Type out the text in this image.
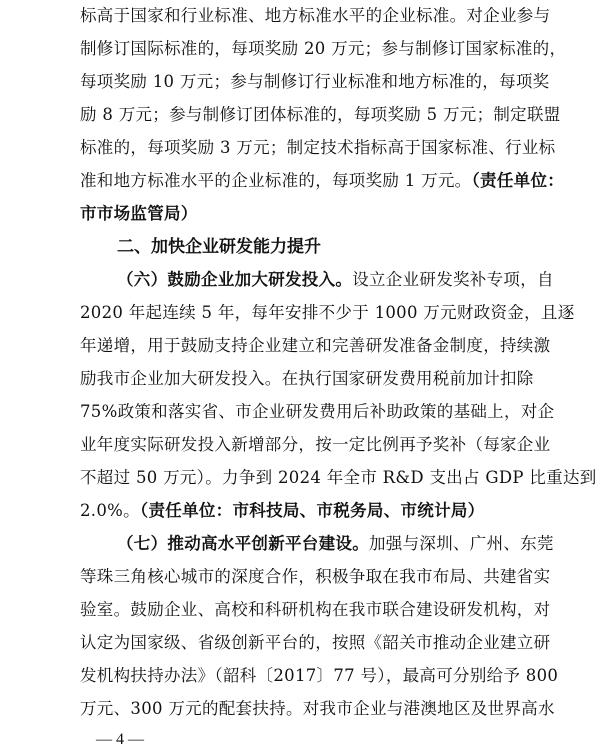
标高于国家和行业标准、地方标准水平的企业标准。对企业参与
制修订国际标准的，每项奖励 20 万元；参与制修订国家标准的，
每项奖励 10 万元；参与制修订行业标准和地方标准的，每项奖
励 8 万元；参与制修订团体标准的，每项奖励 5 万元；制定联盟
标准的，每项奖励 3 万元；制定技术指标高于国家标准、行业标
准和地方标准水平的企业标准的，每项奖励 1 万元。（责任单位：
市市场监管局）
二、加快企业研发能力提升
（六）鼓励企业加大研发投入。设立企业研发奖补专项，自
2020 年起连续 5 年，每年安排不少于 1000 万元财政资金，且逐
年递增，用于鼓励支持企业建立和完善研发准备金制度，持续激
励我市企业加大研发投入。在执行国家研发费用税前加计扣除
75%政策和落实省、市企业研发费用后补助政策的基础上，对企
业年度实际研发投入新增部分，按一定比例再予奖补（每家企业
不超过 50 万元）。力争到 2024 年全市 R&D 支出占 GDP 比重达到
2.0%。（责任单位：市科技局、市税务局、市统计局）
（七）推动高水平创新平台建设。加强与深圳、广州、东莞
等珠三角核心城市的深度合作，积极争取在我市布局、共建省实
验室。鼓励企业、高校和科研机构在我市联合建设研发机构，对
认定为国家级、省级创新平台的，按照《韶关市推动企业建立研
发机构扶持办法》（韶科〔2017〕77 号），最高可分别给予 800
万元、300 万元的配套扶持。对我市企业与港澳地区及世界高水
— 4 —
